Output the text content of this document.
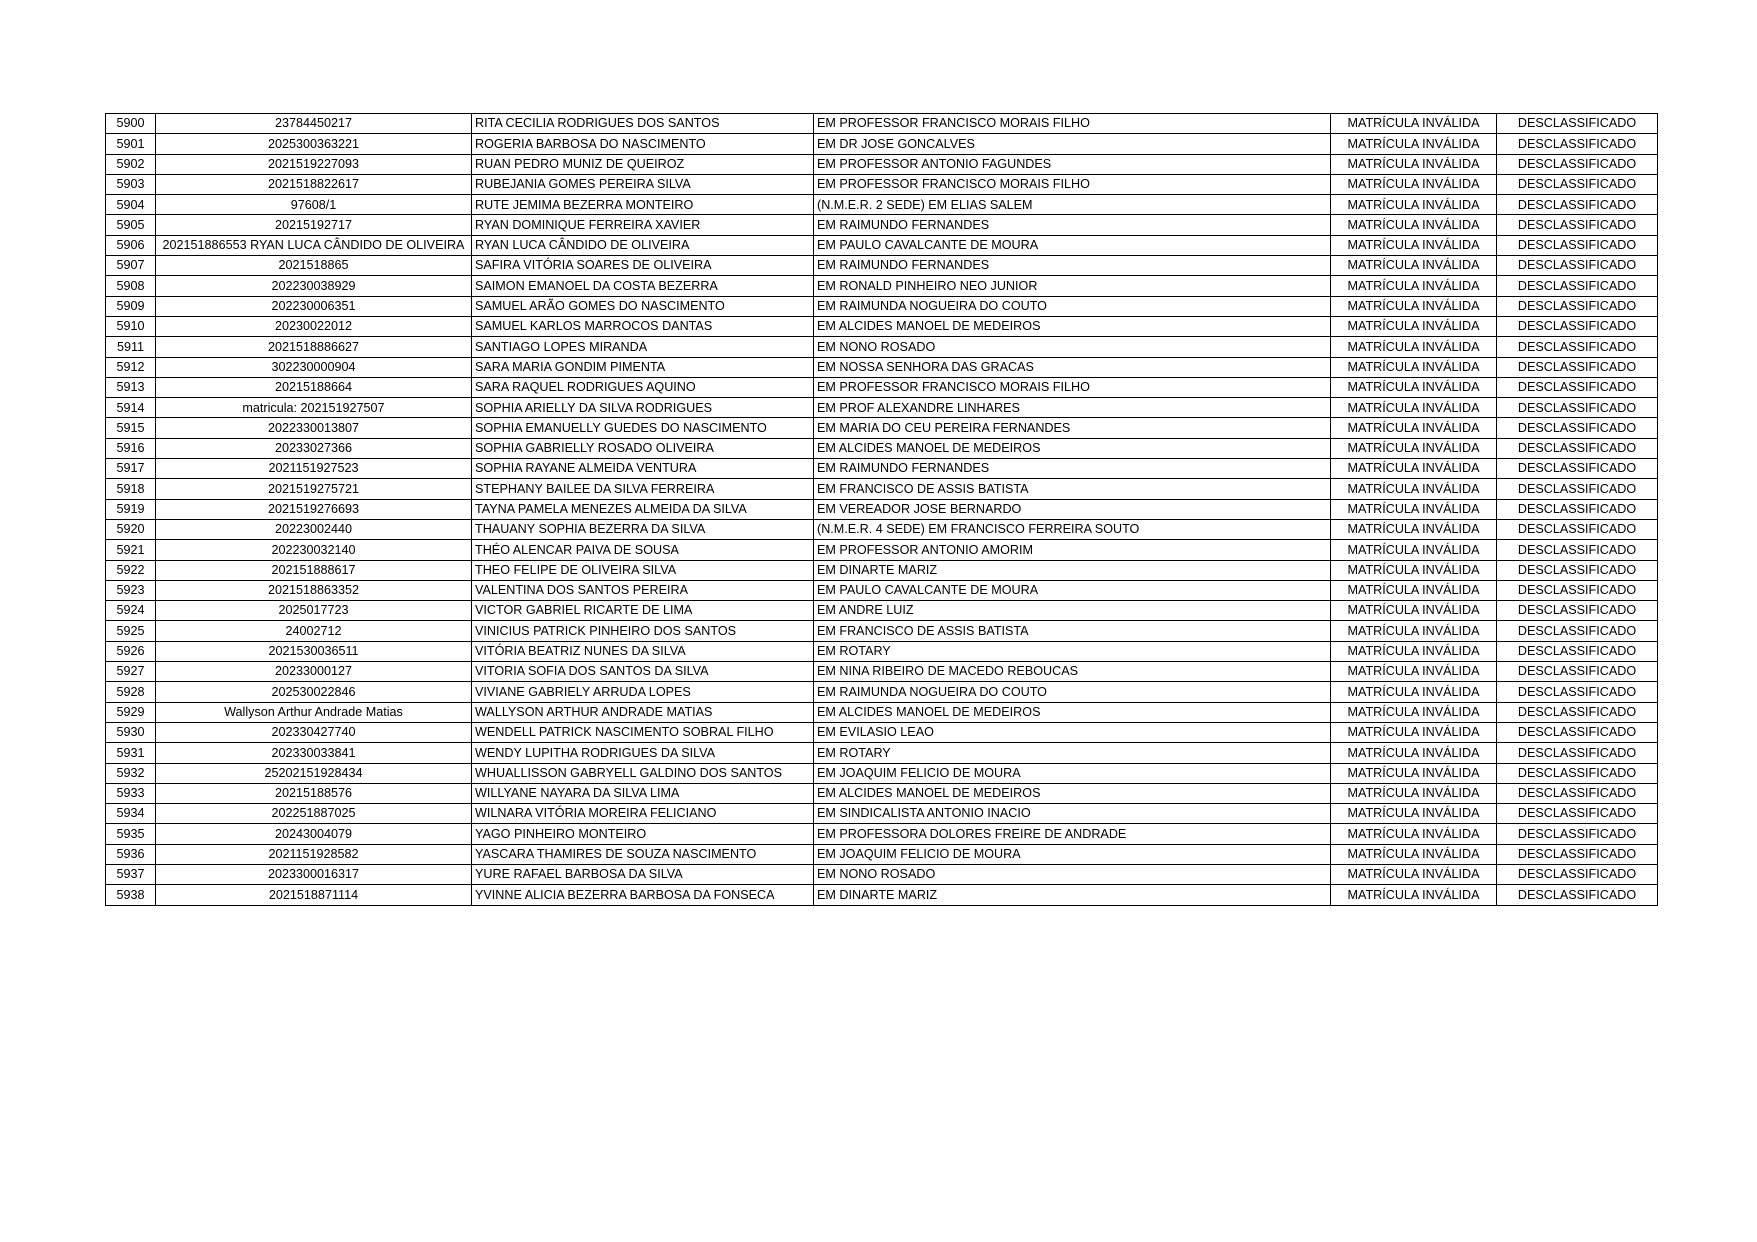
5900	23784450217	RITA CECILIA RODRIGUES DOS SANTOS	EM PROFESSOR FRANCISCO MORAIS FILHO	MATRÍCULA INVÁLIDA	DESCLASSIFICADO
5901	2025300363221	ROGERIA BARBOSA DO NASCIMENTO	EM DR JOSE GONCALVES	MATRÍCULA INVÁLIDA	DESCLASSIFICADO
5902	2021519227093	RUAN PEDRO MUNIZ DE QUEIROZ	EM PROFESSOR ANTONIO FAGUNDES	MATRÍCULA INVÁLIDA	DESCLASSIFICADO
5903	2021518822617	RUBEJANIA GOMES PEREIRA SILVA	EM PROFESSOR FRANCISCO MORAIS FILHO	MATRÍCULA INVÁLIDA	DESCLASSIFICADO
5904	97608/1	RUTE JEMIMA BEZERRA MONTEIRO	(N.M.E.R. 2 SEDE) EM ELIAS SALEM	MATRÍCULA INVÁLIDA	DESCLASSIFICADO
5905	20215192717	RYAN DOMINIQUE FERREIRA XAVIER	EM RAIMUNDO FERNANDES	MATRÍCULA INVÁLIDA	DESCLASSIFICADO
5906	202151886553 RYAN LUCA CÂNDIDO DE OLIVEIRA	RYAN LUCA CÂNDIDO DE OLIVEIRA	EM PAULO CAVALCANTE DE MOURA	MATRÍCULA INVÁLIDA	DESCLASSIFICADO
5907	2021518865	SAFIRA VITÓRIA SOARES DE OLIVEIRA	EM RAIMUNDO FERNANDES	MATRÍCULA INVÁLIDA	DESCLASSIFICADO
5908	202230038929	SAIMON EMANOEL DA COSTA BEZERRA	EM RONALD PINHEIRO NEO JUNIOR	MATRÍCULA INVÁLIDA	DESCLASSIFICADO
5909	202230006351	SAMUEL ARÃO GOMES DO NASCIMENTO	EM RAIMUNDA NOGUEIRA DO COUTO	MATRÍCULA INVÁLIDA	DESCLASSIFICADO
5910	20230022012	SAMUEL KARLOS MARROCOS DANTAS	EM ALCIDES MANOEL DE MEDEIROS	MATRÍCULA INVÁLIDA	DESCLASSIFICADO
5911	2021518886627	SANTIAGO LOPES MIRANDA	EM NONO ROSADO	MATRÍCULA INVÁLIDA	DESCLASSIFICADO
5912	302230000904	SARA MARIA GONDIM PIMENTA	EM NOSSA SENHORA DAS GRACAS	MATRÍCULA INVÁLIDA	DESCLASSIFICADO
5913	20215188664	SARA RAQUEL RODRIGUES AQUINO	EM PROFESSOR FRANCISCO MORAIS FILHO	MATRÍCULA INVÁLIDA	DESCLASSIFICADO
5914	matricula: 202151927507	SOPHIA ARIELLY DA SILVA RODRIGUES	EM PROF ALEXANDRE LINHARES	MATRÍCULA INVÁLIDA	DESCLASSIFICADO
5915	2022330013807	SOPHIA EMANUELLY GUEDES DO NASCIMENTO	EM MARIA DO CEU PEREIRA FERNANDES	MATRÍCULA INVÁLIDA	DESCLASSIFICADO
5916	20233027366	SOPHIA GABRIELLY ROSADO OLIVEIRA	EM ALCIDES MANOEL DE MEDEIROS	MATRÍCULA INVÁLIDA	DESCLASSIFICADO
5917	2021151927523	SOPHIA RAYANE ALMEIDA VENTURA	EM RAIMUNDO FERNANDES	MATRÍCULA INVÁLIDA	DESCLASSIFICADO
5918	2021519275721	STEPHANY BAILEE DA SILVA FERREIRA	EM FRANCISCO DE ASSIS BATISTA	MATRÍCULA INVÁLIDA	DESCLASSIFICADO
5919	2021519276693	TAYNA PAMELA MENEZES ALMEIDA DA SILVA	EM VEREADOR JOSE BERNARDO	MATRÍCULA INVÁLIDA	DESCLASSIFICADO
5920	20223002440	THAUANY SOPHIA BEZERRA DA SILVA	(N.M.E.R. 4 SEDE) EM FRANCISCO FERREIRA SOUTO	MATRÍCULA INVÁLIDA	DESCLASSIFICADO
5921	202230032140	THÉO ALENCAR PAIVA DE SOUSA	EM PROFESSOR ANTONIO AMORIM	MATRÍCULA INVÁLIDA	DESCLASSIFICADO
5922	202151888617	THEO FELIPE DE OLIVEIRA SILVA	EM DINARTE MARIZ	MATRÍCULA INVÁLIDA	DESCLASSIFICADO
5923	2021518863352	VALENTINA DOS SANTOS PEREIRA	EM PAULO CAVALCANTE DE MOURA	MATRÍCULA INVÁLIDA	DESCLASSIFICADO
5924	2025017723	VICTOR GABRIEL RICARTE DE LIMA	EM ANDRE LUIZ	MATRÍCULA INVÁLIDA	DESCLASSIFICADO
5925	24002712	VINICIUS PATRICK PINHEIRO DOS SANTOS	EM FRANCISCO DE ASSIS BATISTA	MATRÍCULA INVÁLIDA	DESCLASSIFICADO
5926	2021530036511	VITÓRIA BEATRIZ NUNES DA SILVA	EM ROTARY	MATRÍCULA INVÁLIDA	DESCLASSIFICADO
5927	20233000127	VITORIA SOFIA DOS SANTOS DA SILVA	EM NINA RIBEIRO DE MACEDO REBOUCAS	MATRÍCULA INVÁLIDA	DESCLASSIFICADO
5928	202530022846	VIVIANE GABRIELY ARRUDA LOPES	EM RAIMUNDA NOGUEIRA DO COUTO	MATRÍCULA INVÁLIDA	DESCLASSIFICADO
5929	Wallyson Arthur Andrade Matias	WALLYSON ARTHUR ANDRADE MATIAS	EM ALCIDES MANOEL DE MEDEIROS	MATRÍCULA INVÁLIDA	DESCLASSIFICADO
5930	202330427740	WENDELL PATRICK NASCIMENTO SOBRAL FILHO	EM EVILASIO LEAO	MATRÍCULA INVÁLIDA	DESCLASSIFICADO
5931	202330033841	WENDY LUPITHA RODRIGUES DA SILVA	EM ROTARY	MATRÍCULA INVÁLIDA	DESCLASSIFICADO
5932	25202151928434	WHUALLISSON GABRYELL GALDINO DOS SANTOS	EM JOAQUIM FELICIO DE MOURA	MATRÍCULA INVÁLIDA	DESCLASSIFICADO
5933	20215188576	WILLYANE NAYARA DA SILVA LIMA	EM ALCIDES MANOEL DE MEDEIROS	MATRÍCULA INVÁLIDA	DESCLASSIFICADO
5934	202251887025	WILNARA VITÓRIA MOREIRA FELICIANO	EM SINDICALISTA ANTONIO INACIO	MATRÍCULA INVÁLIDA	DESCLASSIFICADO
5935	20243004079	YAGO PINHEIRO MONTEIRO	EM PROFESSORA DOLORES FREIRE DE ANDRADE	MATRÍCULA INVÁLIDA	DESCLASSIFICADO
5936	2021151928582	YASCARA THAMIRES DE SOUZA NASCIMENTO	EM JOAQUIM FELICIO DE MOURA	MATRÍCULA INVÁLIDA	DESCLASSIFICADO
5937	2023300016317	YURE RAFAEL BARBOSA DA SILVA	EM NONO ROSADO	MATRÍCULA INVÁLIDA	DESCLASSIFICADO
5938	2021518871114	YVINNE ALICIA BEZERRA BARBOSA DA FONSECA	EM DINARTE MARIZ	MATRÍCULA INVÁLIDA	DESCLASSIFICADO
